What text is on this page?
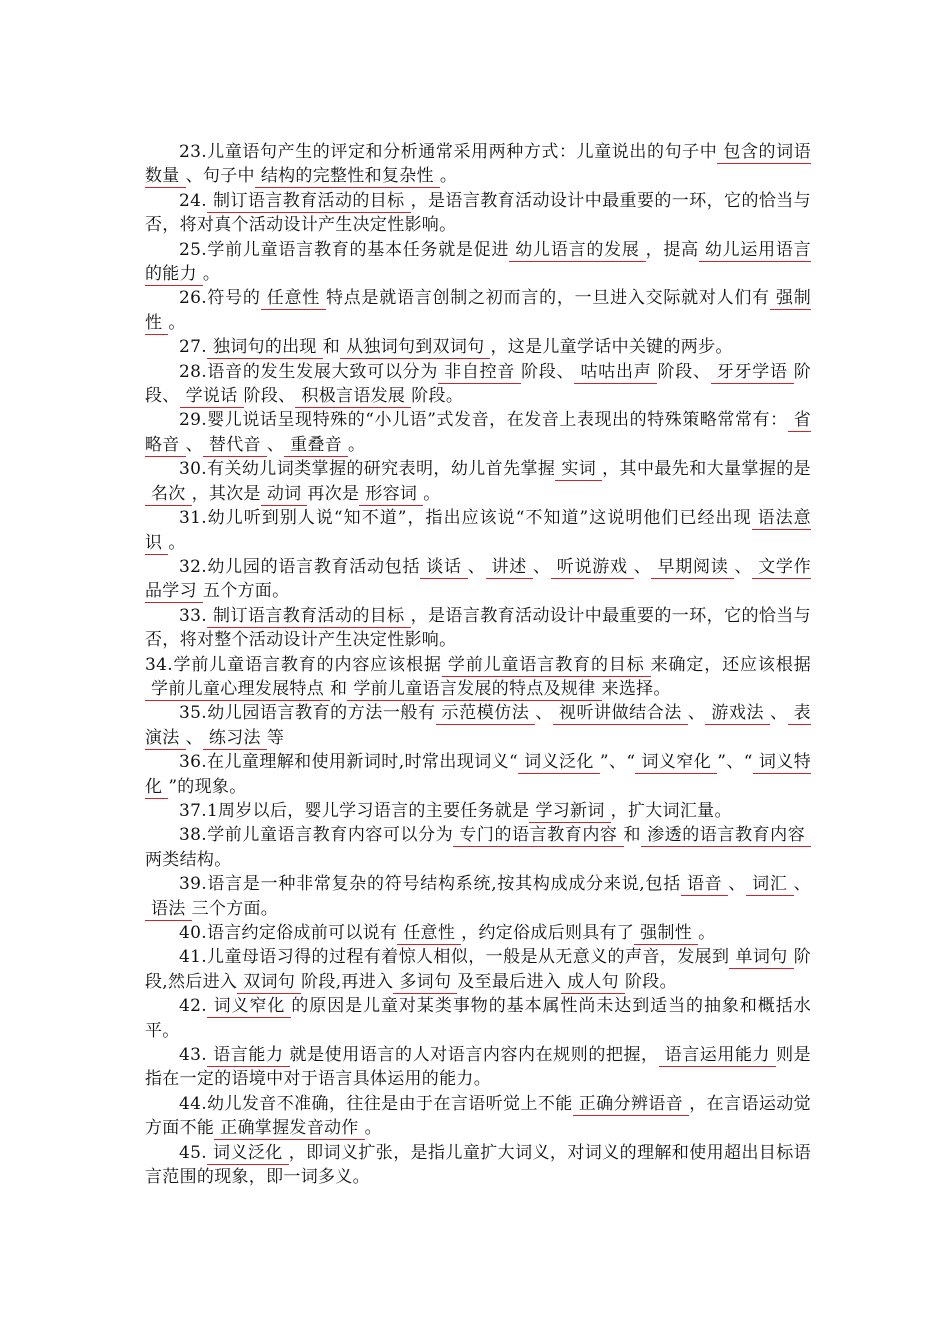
23.儿童语句产生的评定和分析通常采用两种方式：儿童说出的句子中 包含的词语数量 、句子中 结构的完整性和复杂性 。

24. 制订语言教育活动的目标 ，是语言教育活动设计中最重要的一环，它的恰当与否，将对真个活动设计产生决定性影响。

25.学前儿童语言教育的基本任务就是促进 幼儿语言的发展 ，提高 幼儿运用语言的能力 。

26.符号的 任意性 特点是就语言创制之初而言的，一旦进入交际就对人们有 强制性 。

27. 独词句的出现 和 从独词句到双词句 ，这是儿童学话中关键的两步。

28.语音的发生发展大致可以分为 非自控音 阶段、 咕咕出声 阶段、 牙牙学语 阶段、 学说话 阶段、 积极言语发展 阶段。

29.婴儿说话呈现特殊的“小儿语”式发音，在发音上表现出的特殊策略常常有： 省略音 、 替代音 、 重叠音 。

30.有关幼儿词类掌握的研究表明，幼儿首先掌握 实词 ，其中最先和大量掌握的是名次 ，其次是 动词 再次是 形容词 。

31.幼儿听到别人说“知不道”，指出应该说“不知道”这说明他们已经出现 语法意识 。

32.幼儿园的语言教育活动包括 谈话 、 讲述 、 听说游戏 、 早期阅读 、 文学作品学习 五个方面。

33. 制订语言教育活动的目标 ，是语言教育活动设计中最重要的一环，它的恰当与否，将对整个活动设计产生决定性影响。

34.学前儿童语言教育的内容应该根据 学前儿童语言教育的目标 来确定，还应该根据学前儿童心理发展特点 和 学前儿童语言发展的特点及规律 来选择。

35.幼儿园语言教育的方法一般有 示范模仿法 、 视听讲做结合法 、 游戏法 、 表演法 、 练习法 等

36.在儿童理解和使用新词时,时常出现词义“ 词义泛化 ”、“ 词义窄化 ”、“ 词义特化 ”的现象。

37.1周岁以后，婴儿学习语言的主要任务就是 学习新词 ，扩大词汇量。

38.学前儿童语言教育内容可以分为 专门的语言教育内容 和 渗透的语言教育内容两类结构。

39.语言是一种非常复杂的符号结构系统,按其构成成分来说,包括 语音 、 词汇 、语法 三个方面。

40.语言约定俗成前可以说有 任意性 ，约定俗成后则具有了 强制性 。

41.儿童母语习得的过程有着惊人相似，一般是从无意义的声音，发展到 单词句 阶段,然后进入 双词句 阶段,再进入 多词句 及至最后进入 成人句 阶段。

42. 词义窄化 的原因是儿童对某类事物的基本属性尚未达到适当的抽象和概括水平。

43. 语言能力 就是使用语言的人对语言内容内在规则的把握， 语言运用能力 则是指在一定的语境中对于语言具体运用的能力。

44.幼儿发音不准确，往往是由于在言语听觉上不能 正确分辨语音 ，在言语运动觉方面不能 正确掌握发音动作 。

45. 词义泛化 ，即词义扩张，是指儿童扩大词义，对词义的理解和使用超出目标语言范围的现象，即一词多义。
